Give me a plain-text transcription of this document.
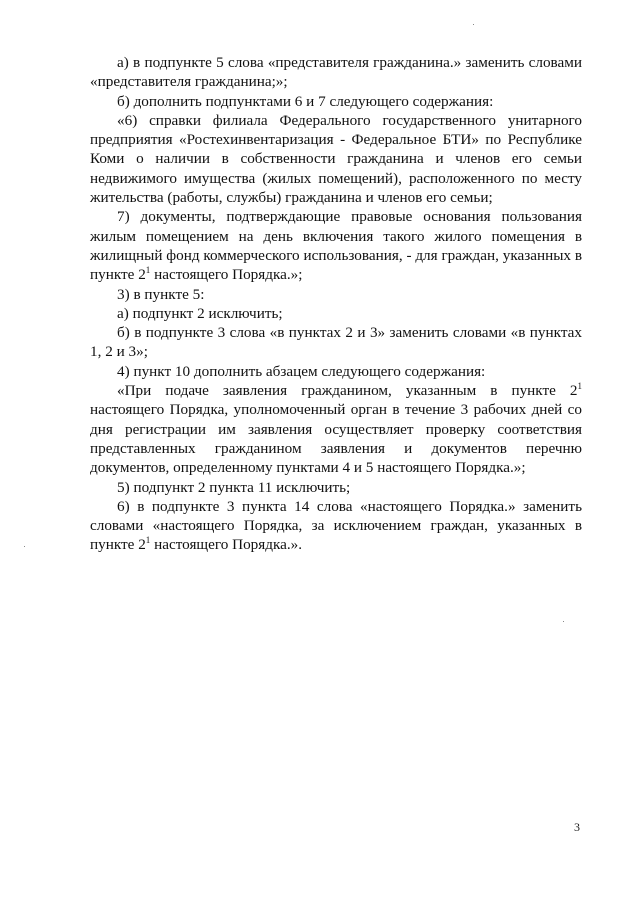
а) в подпункте 5 слова «представителя гражданина.» заменить словами «представителя гражданина;»;

б) дополнить подпунктами 6 и 7 следующего содержания:

«6) справки филиала Федерального государственного унитарного предприятия «Ростехинвентаризация - Федеральное БТИ» по Республике Коми о наличии в собственности гражданина и членов его семьи недвижимого имущества (жилых помещений), расположенного по месту жительства (работы, службы) гражданина и членов его семьи;

7) документы, подтверждающие правовые основания пользования жилым помещением на день включения такого жилого помещения в жилищный фонд коммерческого использования, - для граждан, указанных в пункте $2^1$ настоящего Порядка.»;

3) в пункте 5:

а) подпункт 2 исключить;

б) в подпункте 3 слова «в пунктах 2 и 3» заменить словами «в пунктах 1, 2 и 3»;

4) пункт 10 дополнить абзацем следующего содержания:

«При подаче заявления гражданином, указанным в пункте $2^1$ настоящего Порядка, уполномоченный орган в течение 3 рабочих дней со дня регистрации им заявления осуществляет проверку соответствия представленных гражданином заявления и документов перечню документов, определенному пунктами 4 и 5 настоящего Порядка.»;

5) подпункт 2 пункта 11 исключить;

6) в подпункте 3 пункта 14 слова «настоящего Порядка.» заменить словами «настоящего Порядка, за исключением граждан, указанных в пункте $2^1$ настоящего Порядка.».

3
